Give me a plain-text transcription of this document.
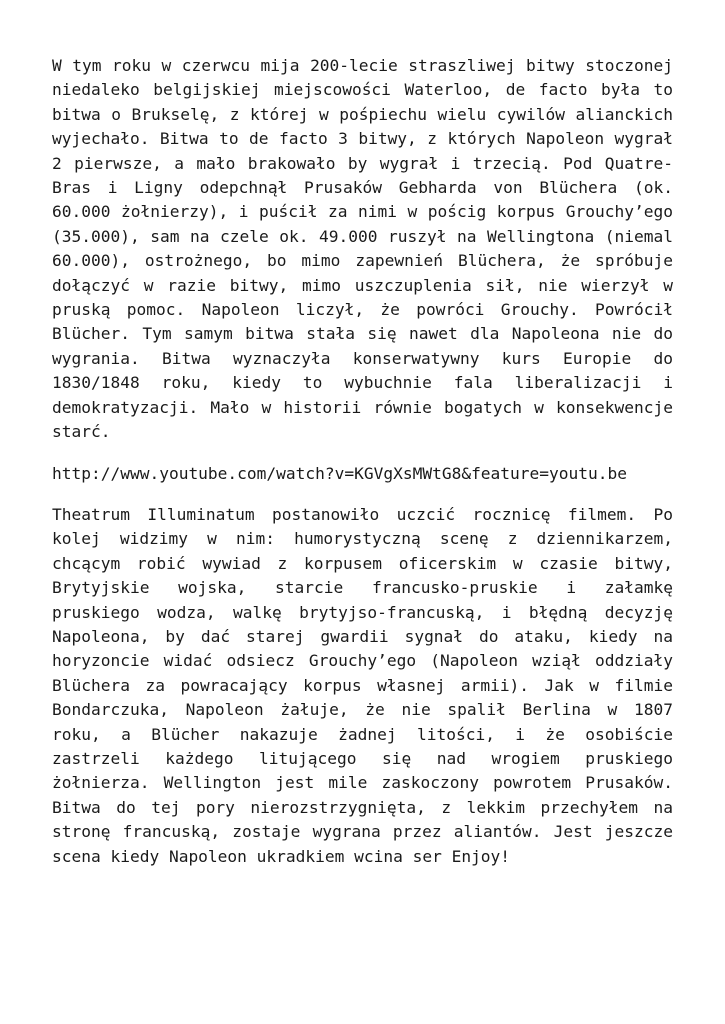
W tym roku w czerwcu mija 200-lecie straszliwej bitwy stoczonej niedaleko belgijskiej miejscowości Waterloo, de facto była to bitwa o Brukselę, z której w pośpiechu wielu cywilów alianckich wyjechało. Bitwa to de facto 3 bitwy, z których Napoleon wygrał 2 pierwsze, a mało brakowało by wygrał i trzecią. Pod Quatre-Bras i Ligny odepchnął Prusaków Gebharda von Blüchera (ok. 60.000 żołnierzy), i puścił za nimi w pościg korpus Grouchy’ego (35.000), sam na czele ok. 49.000 ruszył na Wellingtona (niemal 60.000), ostrożnego, bo mimo zapewnień Blüchera, że spróbuje dołączyć w razie bitwy, mimo uszczuplenia sił, nie wierzył w pruską pomoc. Napoleon liczył, że powróci Grouchy. Powrócił Blücher. Tym samym bitwa stała się nawet dla Napoleona nie do wygrania. Bitwa wyznaczyła konserwatywny kurs Europie do 1830/1848 roku, kiedy to wybuchnie fala liberalizacji i demokratyzacji. Mało w historii równie bogatych w konsekwencje starć.

http://www.youtube.com/watch?v=KGVgXsMWtG8&feature=youtu.be

Theatrum Illuminatum postanowiło uczcić rocznicę filmem. Po kolej widzimy w nim: humorystyczną scenę z dziennikarzem, chcącym robić wywiad z korpusem oficerskim w czasie bitwy, Brytyjskie wojska, starcie francusko-pruskie i załamkę pruskiego wodza, walkę brytyjso-francuską, i błędną decyzję Napoleona, by dać starej gwardii sygnał do ataku, kiedy na horyzoncie widać odsiecz Grouchy’ego (Napoleon wziął oddziały Blüchera za powracający korpus własnej armii). Jak w filmie Bondarczuka, Napoleon żałuje, że nie spalił Berlina w 1807 roku, a Blücher nakazuje żadnej litości, i że osobiście zastrzeli każdego litującego się nad wrogiem pruskiego żołnierza. Wellington jest mile zaskoczony powrotem Prusaków. Bitwa do tej pory nierozstrzygnięta, z lekkim przechyłem na stronę francuską, zostaje wygrana przez aliantów. Jest jeszcze scena kiedy Napoleon ukradkiem wcina ser Enjoy!
